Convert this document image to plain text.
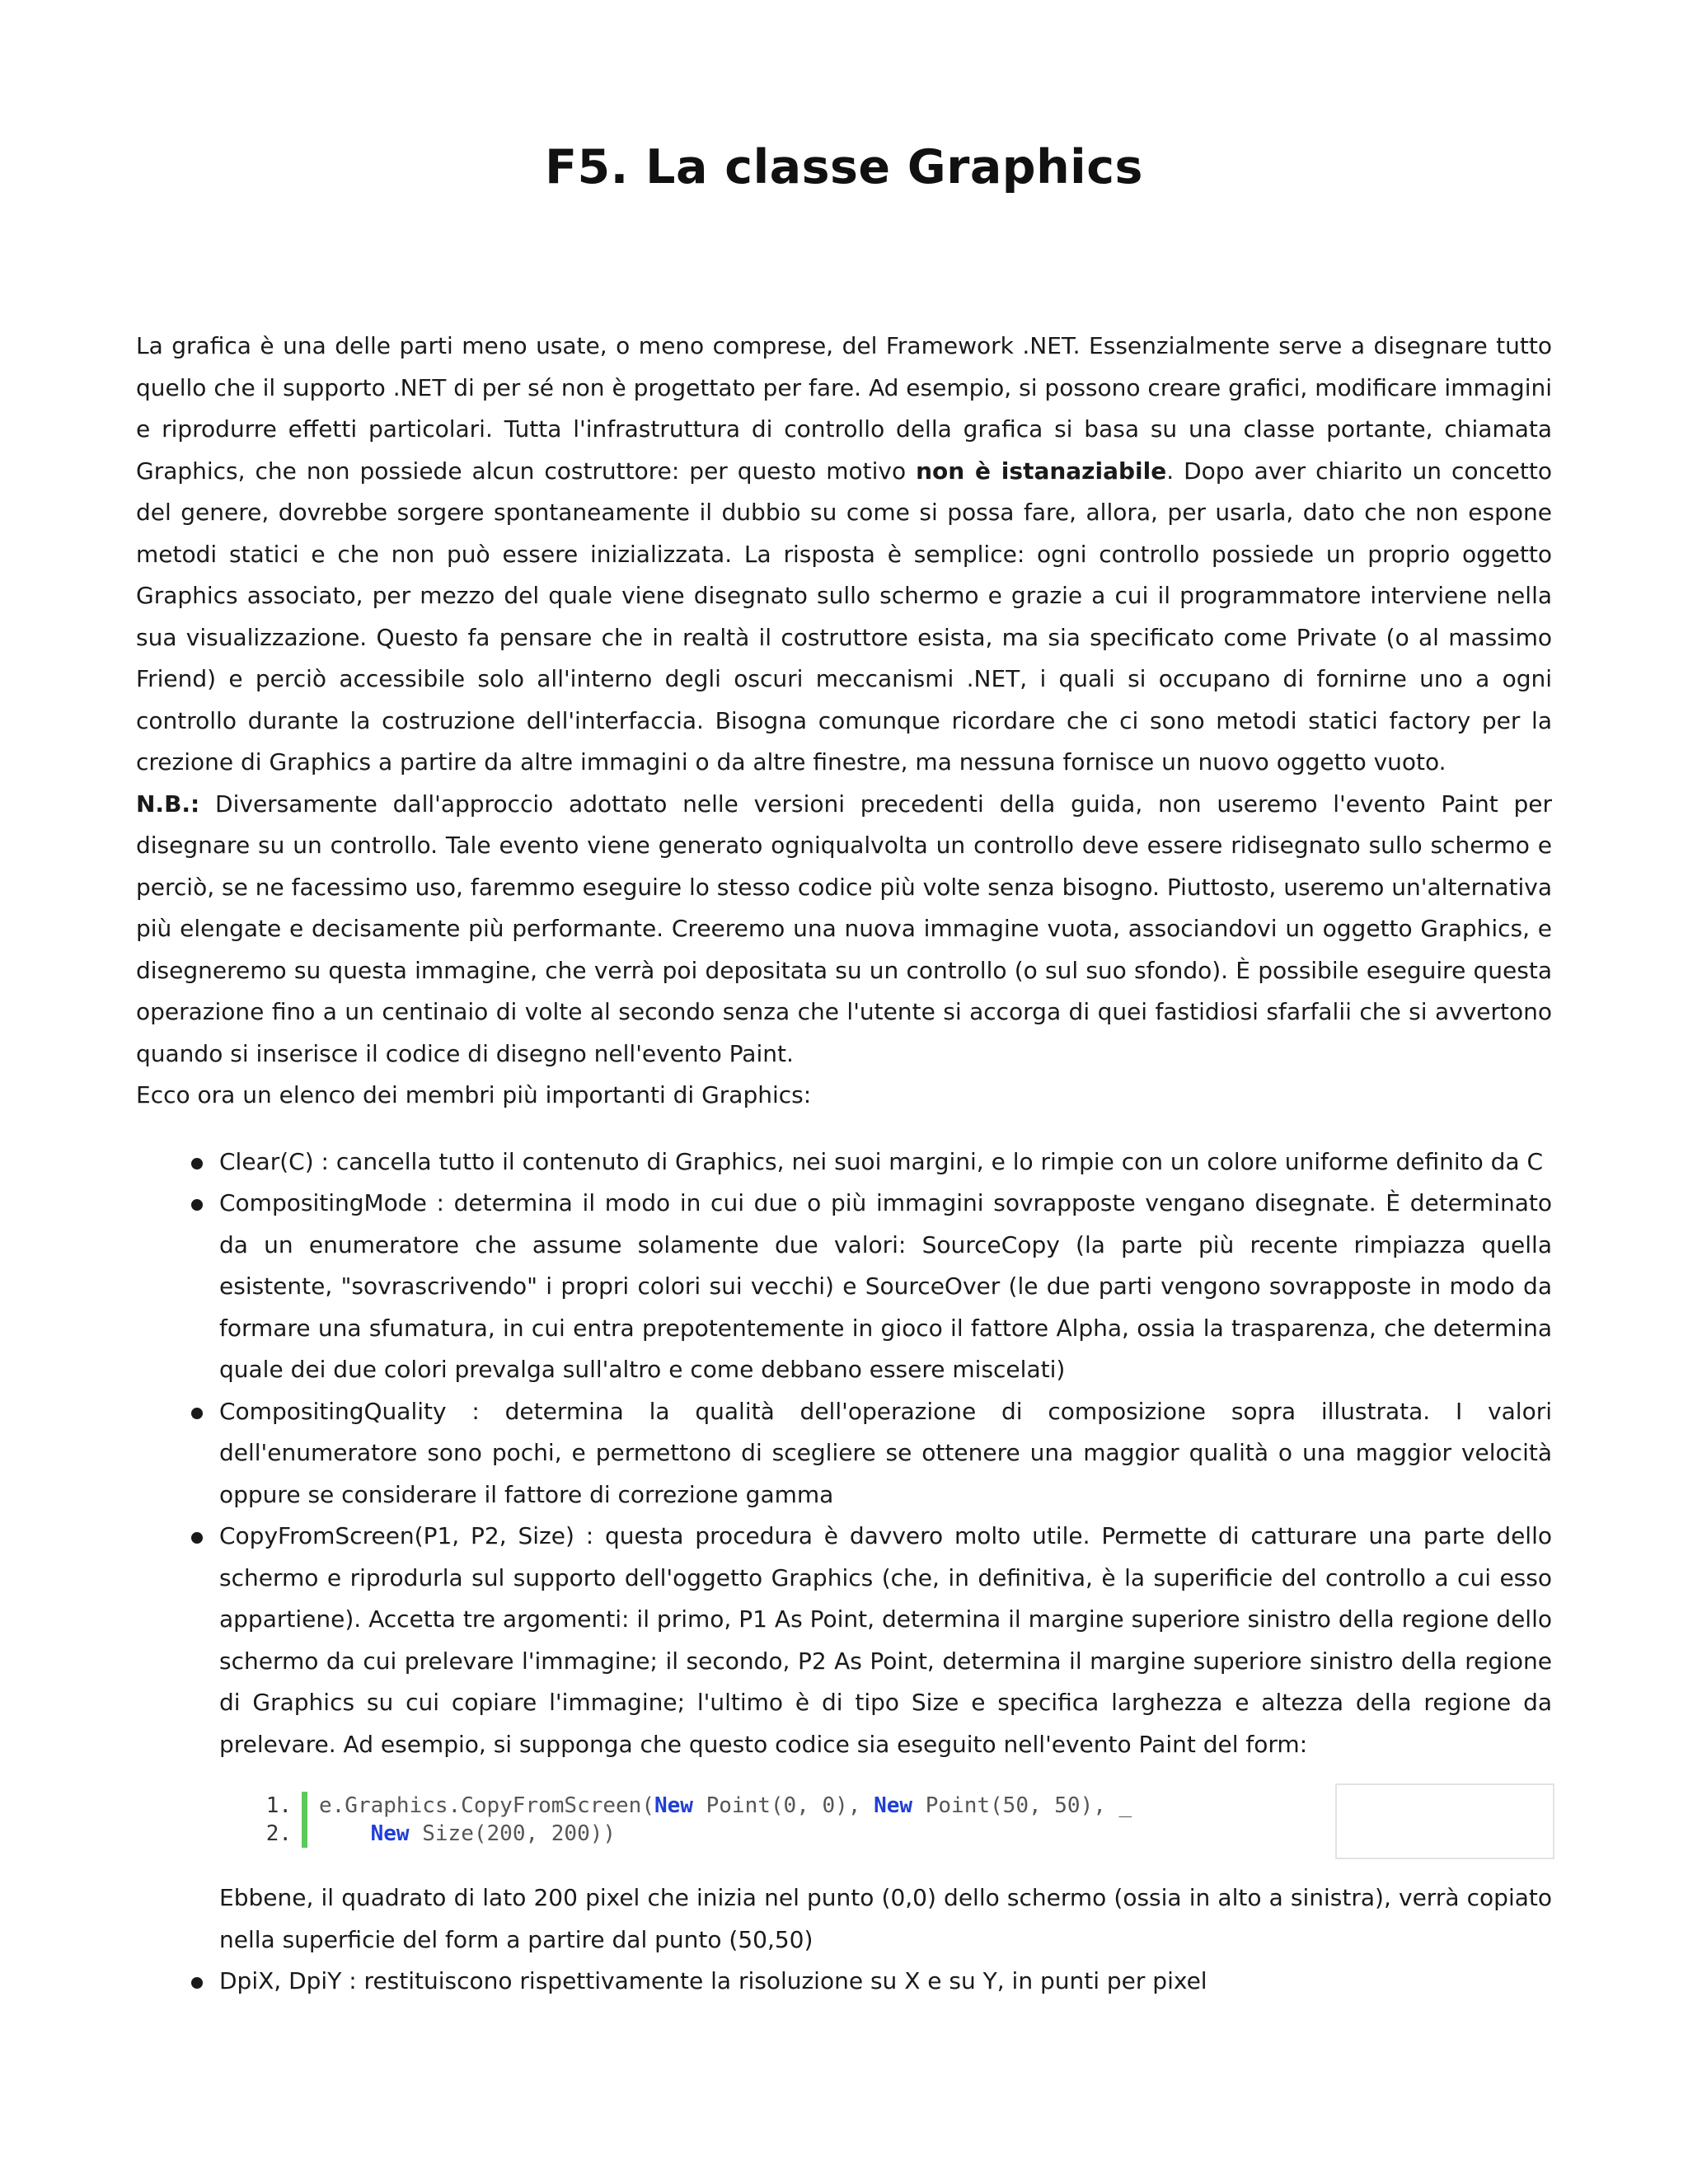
F5. La classe Graphics

La grafica è una delle parti meno usate, o meno comprese, del Framework .NET. Essenzialmente serve a disegnare tutto quello che il supporto .NET di per sé non è progettato per fare. Ad esempio, si possono creare grafici, modificare immagini e riprodurre effetti particolari. Tutta l'infrastruttura di controllo della grafica si basa su una classe portante, chiamata Graphics, che non possiede alcun costruttore: per questo motivo non è istanaziabile. Dopo aver chiarito un concetto del genere, dovrebbe sorgere spontaneamente il dubbio su come si possa fare, allora, per usarla, dato che non espone metodi statici e che non può essere inizializzata. La risposta è semplice: ogni controllo possiede un proprio oggetto Graphics associato, per mezzo del quale viene disegnato sullo schermo e grazie a cui il programmatore interviene nella sua visualizzazione. Questo fa pensare che in realtà il costruttore esista, ma sia specificato come Private (o al massimo Friend) e perciò accessibile solo all'interno degli oscuri meccanismi .NET, i quali si occupano di fornirne uno a ogni controllo durante la costruzione dell'interfaccia. Bisogna comunque ricordare che ci sono metodi statici factory per la crezione di Graphics a partire da altre immagini o da altre finestre, ma nessuna fornisce un nuovo oggetto vuoto.

N.B.: Diversamente dall'approccio adottato nelle versioni precedenti della guida, non useremo l'evento Paint per disegnare su un controllo. Tale evento viene generato ogniqualvolta un controllo deve essere ridisegnato sullo schermo e perciò, se ne facessimo uso, faremmo eseguire lo stesso codice più volte senza bisogno. Piuttosto, useremo un'alternativa più elengate e decisamente più performante. Creeremo una nuova immagine vuota, associandovi un oggetto Graphics, e disegneremo su questa immagine, che verrà poi depositata su un controllo (o sul suo sfondo). È possibile eseguire questa operazione fino a un centinaio di volte al secondo senza che l'utente si accorga di quei fastidiosi sfarfalii che si avvertono quando si inserisce il codice di disegno nell'evento Paint.

Ecco ora un elenco dei membri più importanti di Graphics:

Clear(C) : cancella tutto il contenuto di Graphics, nei suoi margini, e lo rimpie con un colore uniforme definito da C
CompositingMode : determina il modo in cui due o più immagini sovrapposte vengano disegnate. È determinato da un enumeratore che assume solamente due valori: SourceCopy (la parte più recente rimpiazza quella esistente, "sovrascrivendo" i propri colori sui vecchi) e SourceOver (le due parti vengono sovrapposte in modo da formare una sfumatura, in cui entra prepotentemente in gioco il fattore Alpha, ossia la trasparenza, che determina quale dei due colori prevalga sull'altro e come debbano essere miscelati)
CompositingQuality : determina la qualità dell'operazione di composizione sopra illustrata. I valori dell'enumeratore sono pochi, e permettono di scegliere se ottenere una maggior qualità o una maggior velocità oppure se considerare il fattore di correzione gamma
CopyFromScreen(P1, P2, Size) : questa procedura è davvero molto utile. Permette di catturare una parte dello schermo e riprodurla sul supporto dell'oggetto Graphics (che, in definitiva, è la superificie del controllo a cui esso appartiene). Accetta tre argomenti: il primo, P1 As Point, determina il margine superiore sinistro della regione dello schermo da cui prelevare l'immagine; il secondo, P2 As Point, determina il margine superiore sinistro della regione di Graphics su cui copiare l'immagine; l'ultimo è di tipo Size e specifica larghezza e altezza della regione da prelevare. Ad esempio, si supponga che questo codice sia eseguito nell'evento Paint del form:
1. e.Graphics.CopyFromScreen( New Point(0, 0), New Point(50, 50), _
2.
	New Size(200, 200))
Ebbene, il quadrato di lato 200 pixel che inizia nel punto (0,0) dello schermo (ossia in alto a sinistra), verrà copiato nella superficie del form a partire dal punto (50,50)
DpiX, DpiY : restituiscono rispettivamente la risoluzione su X e su Y, in punti per pixel
